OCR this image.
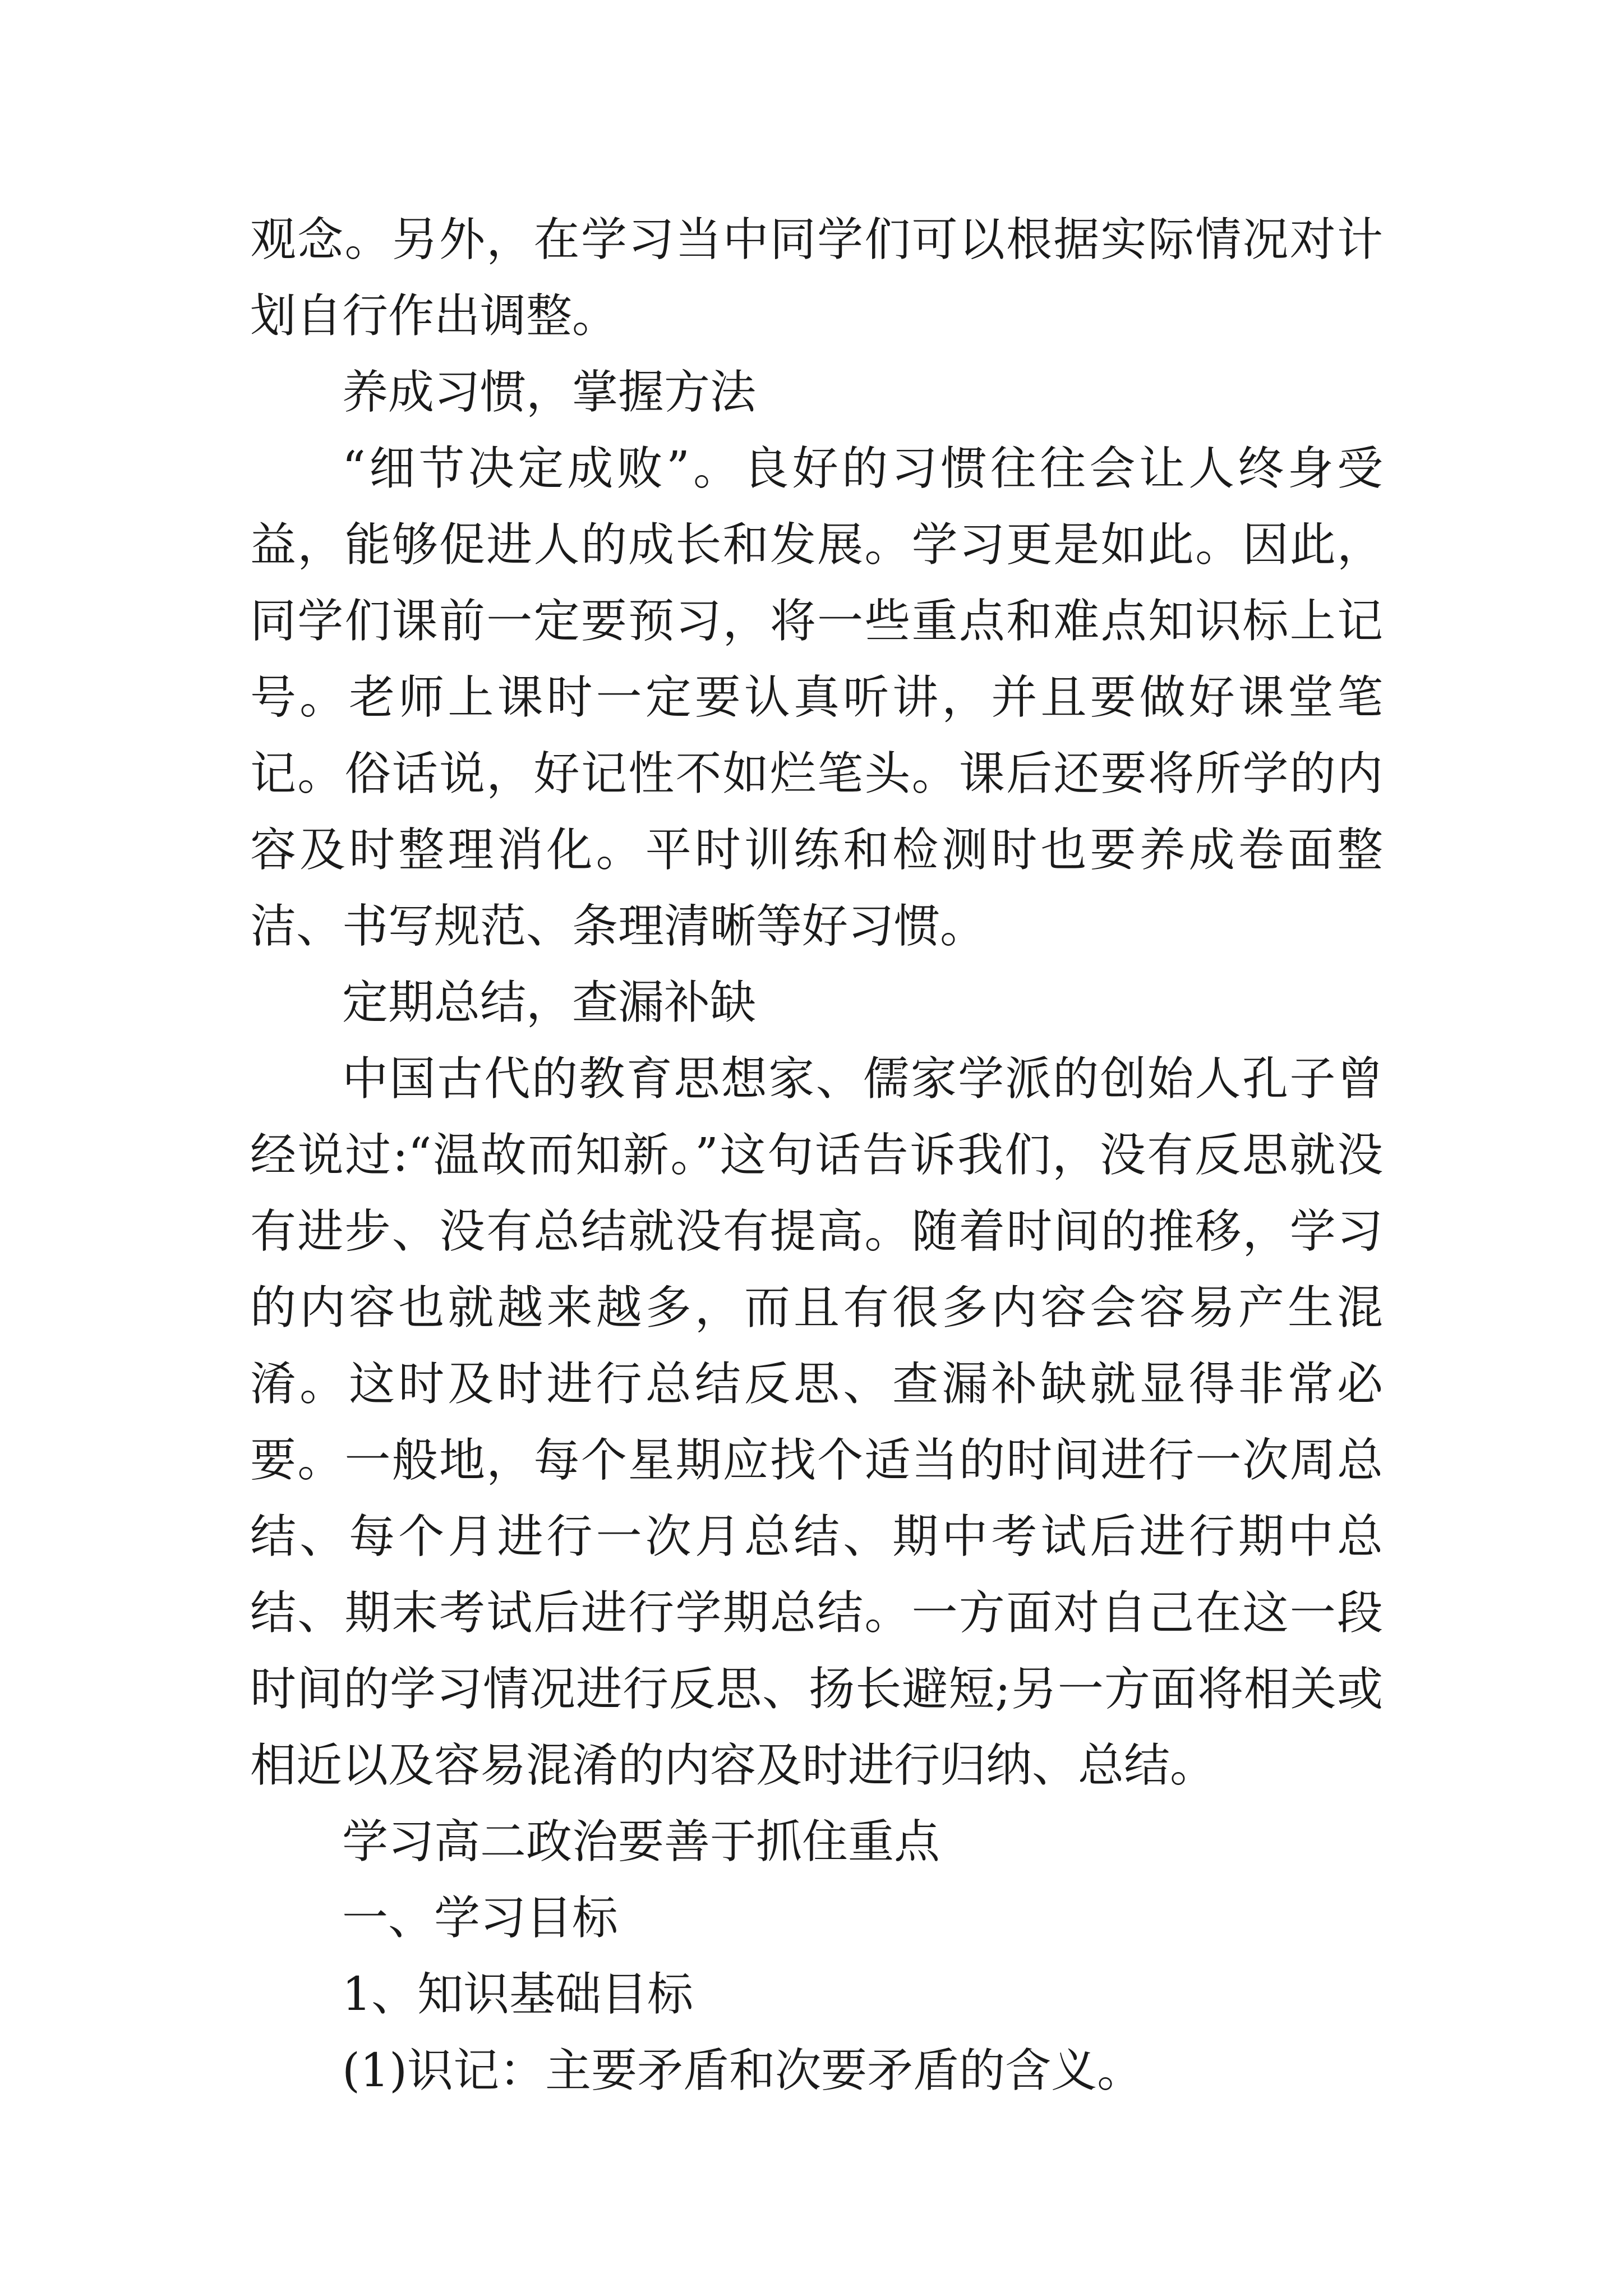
观念。另外，在学习当中同学们可以根据实际情况对计划自行作出调整。

养成习惯，掌握方法

“细节决定成败”。良好的习惯往往会让人终身受益，能够促进人的成长和发展。学习更是如此。因此，同学们课前一定要预习，将一些重点和难点知识标上记号。老师上课时一定要认真听讲，并且要做好课堂笔记。俗话说，好记性不如烂笔头。课后还要将所学的内容及时整理消化。平时训练和检测时也要养成卷面整洁、书写规范、条理清晰等好习惯。

定期总结，查漏补缺

中国古代的教育思想家、儒家学派的创始人孔子曾经说过:“温故而知新。”这句话告诉我们，没有反思就没有进步、没有总结就没有提高。随着时间的推移，学习的内容也就越来越多，而且有很多内容会容易产生混淆。这时及时进行总结反思、查漏补缺就显得非常必要。一般地，每个星期应找个适当的时间进行一次周总结、每个月进行一次月总结、期中考试后进行期中总结、期末考试后进行学期总结。一方面对自己在这一段时间的学习情况进行反思、扬长避短;另一方面将相关或相近以及容易混淆的内容及时进行归纳、总结。

学习高二政治要善于抓住重点

一、学习目标

1、知识基础目标

(1)识记：主要矛盾和次要矛盾的含义。
